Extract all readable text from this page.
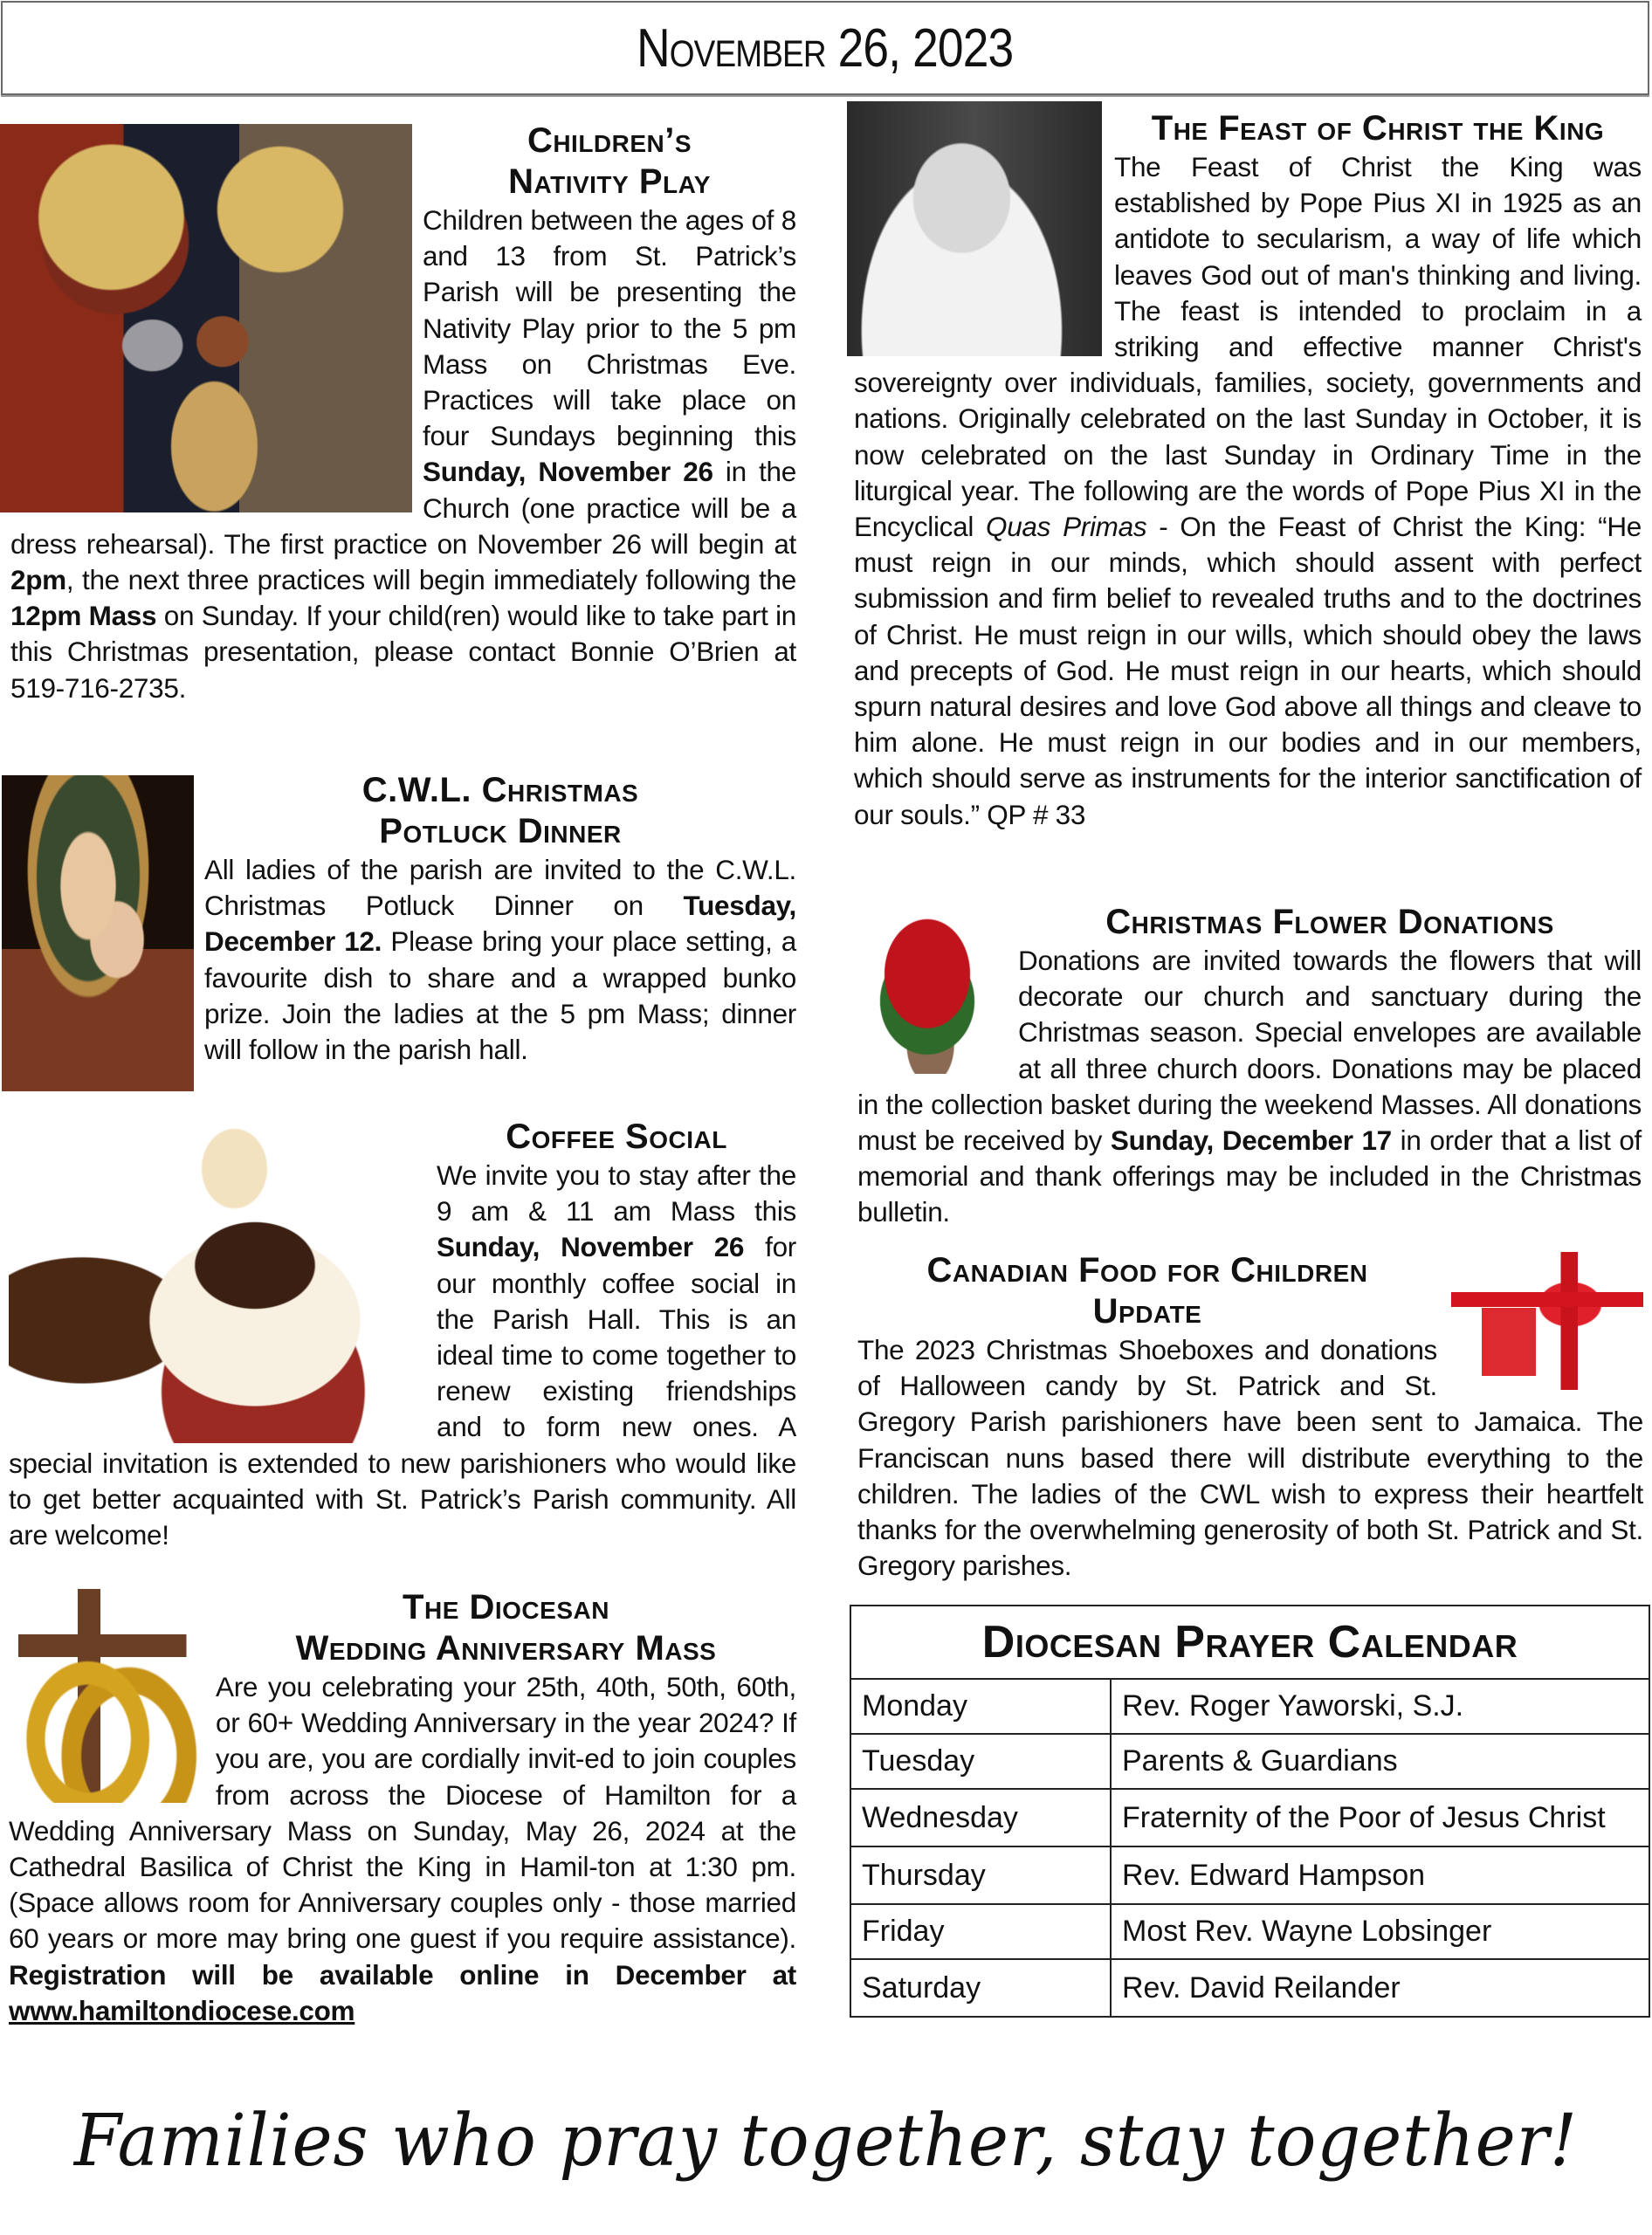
November 26, 2023
Children’s
Nativity Play
Children between the ages of 8 and 13 from St. Patrick’s Parish will be presenting the Nativity Play prior to the 5 pm Mass on Christmas Eve. Practices will take place on four Sundays beginning this Sunday, November 26 in the Church (one practice will be a dress rehearsal). The first practice on November 26 will begin at 2pm, the next three practices will begin immediately following the 12pm Mass on Sunday. If your child(ren) would like to take part in this Christmas presentation, please contact Bonnie O’Brien at 519-716-2735.
C.W.L. Christmas
Potluck Dinner
All ladies of the parish are invited to the C.W.L. Christmas Potluck Dinner on Tuesday, December 12. Please bring your place setting, a favourite dish to share and a wrapped bunko prize. Join the ladies at the 5 pm Mass; dinner will follow in the parish hall.
Coffee Social
We invite you to stay after the 9 am & 11 am Mass this Sunday, November 26 for our monthly coffee social in the Parish Hall. This is an ideal time to come together to renew existing friendships and to form new ones. A special invitation is extended to new parishioners who would like to get better acquainted with St. Patrick’s Parish community. All are welcome!
The Diocesan
Wedding Anniversary Mass
Are you celebrating your 25th, 40th, 50th, 60th, or 60+ Wedding Anniversary in the year 2024? If you are, you are cordially invit-ed to join couples from across the Diocese of Hamilton for a Wedding Anniversary Mass on Sunday, May 26, 2024 at the Cathedral Basilica of Christ the King in Hamil-ton at 1:30 pm. (Space allows room for Anniversary couples only - those married 60 years or more may bring one guest if you require assistance). Registration will be available online in December at www.hamiltondiocese.com
The Feast of Christ the King
The Feast of Christ the King was established by Pope Pius XI in 1925 as an antidote to secularism, a way of life which leaves God out of man's thinking and living. The feast is intended to proclaim in a striking and effective manner Christ's sovereignty over individuals, families, society, governments and nations. Originally celebrated on the last Sunday in October, it is now celebrated on the last Sunday in Ordinary Time in the liturgical year. The following are the words of Pope Pius XI in the Encyclical Quas Primas - On the Feast of Christ the King: “He must reign in our minds, which should assent with perfect submission and firm belief to revealed truths and to the doctrines of Christ. He must reign in our wills, which should obey the laws and precepts of God. He must reign in our hearts, which should spurn natural desires and love God above all things and cleave to him alone. He must reign in our bodies and in our members, which should serve as instruments for the interior sanctification of our souls.” QP # 33
Christmas Flower Donations
Donations are invited towards the flowers that will decorate our church and sanctuary during the Christmas season. Special envelopes are available at all three church doors. Donations may be placed in the collection basket during the weekend Masses. All donations must be received by Sunday, December 17 in order that a list of memorial and thank offerings may be included in the Christmas bulletin.
Canadian Food for Children
Update
The 2023 Christmas Shoeboxes and donations of Halloween candy by St. Patrick and St. Gregory Parish parishioners have been sent to Jamaica. The Franciscan nuns based there will distribute everything to the children. The ladies of the CWL wish to express their heartfelt thanks for the overwhelming generosity of both St. Patrick and St. Gregory parishes.
Diocesan Prayer Calendar	
Monday	Rev. Roger Yaworski, S.J.
Tuesday	Parents & Guardians
Wednesday	Fraternity of the Poor of Jesus Christ
Thursday	Rev. Edward Hampson
Friday	Most Rev. Wayne Lobsinger
Saturday	Rev. David Reilander
Families who pray together, stay together!
